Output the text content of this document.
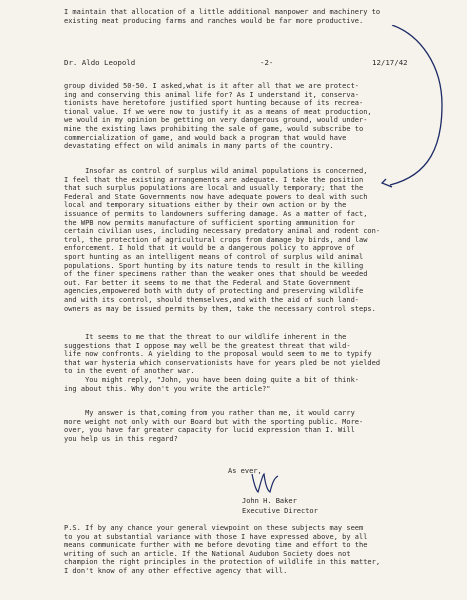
I maintain that allocation of a little additional manpower and machinery to
existing meat producing farms and ranches would be far more productive.

Dr. Aldo Leopold	-2-	12/17/42

group divided 50-50. I asked,what is it after all that we are protect-
ing and conserving this animal life for? As I understand it, conserva-
tionists have heretofore justified sport hunting because of its recrea-
tional value. If we were now to justify it as a means of meat production,
we would in my opinion be getting on very dangerous ground, would under-
mine the existing laws prohibiting the sale of game, would subscribe to
commercialization of game, and would back a program that would have
devastating effect on wild animals in many parts of the country.

Insofar as control of surplus wild animal populations is concerned,
I feel that the existing arrangements are adequate. I take the position
that such surplus populations are local and usually temporary; that the
Federal and State Governments now have adequate powers to deal with such
local and temporary situations either by their own action or by the
issuance of permits to landowners suffering damage. As a matter of fact,
the WPB now permits manufacture of sufficient sporting ammunition for
certain civilian uses, including necessary predatory animal and rodent con-
trol, the protection of agricultural crops from damage by birds, and law
enforcement. I hold that it would be a dangerous policy to approve of
sport hunting as an intelligent means of control of surplus wild animal
populations. Sport hunting by its nature tends to result in the killing
of the finer specimens rather than the weaker ones that should be weeded
out. Far better it seems to me that the Federal and State Government
agencies,empowered both with duty of protecting and preserving wildlife
and with its control, should themselves,and with the aid of such land-
owners as may be issued permits by them, take the necessary control steps.

It seems to me that the threat to our wildlife inherent in the
suggestions that I oppose may well be the greatest threat that wild-
life now confronts. A yielding to the proposal would seem to me to typify
that war hysteria which conservationists have for years pled be not yielded
to in the event of another war.

You might reply, "John, you have been doing quite a bit of think-
ing about this. Why don't you write the article?"

My answer is that,coming from you rather than me, it would carry
more weight not only with our Board but with the sporting public. More-
over, you have far greater capacity for lucid expression than I. Will
you help us in this regard?

As ever,
John H. Baker
Executive Director

P.S. If by any chance your general viewpoint on these subjects may seem
to you at substantial variance with those I have expressed above, by all
means communicate further with me before devoting time and effort to the
writing of such an article. If the National Audubon Society does not
champion the right principles in the protection of wildlife in this matter,
I don't know of any other effective agency that will.
